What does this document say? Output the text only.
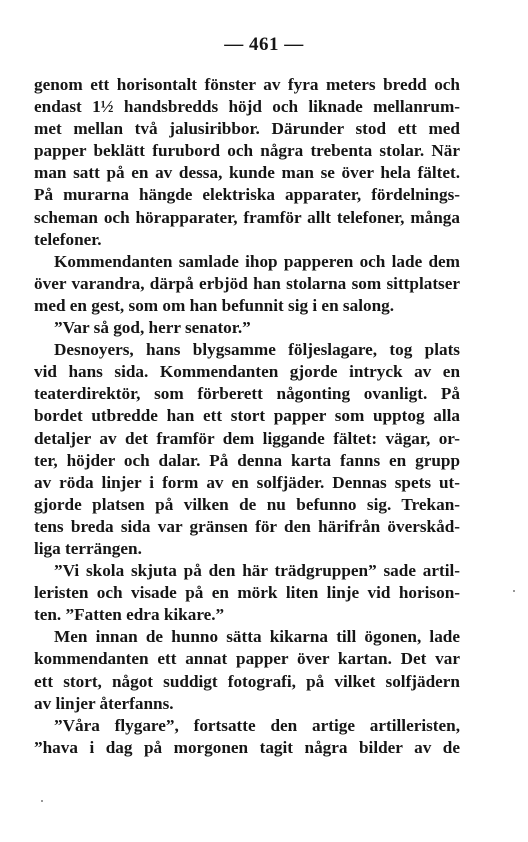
— 461 —
genom ett horisontalt fönster av fyra meters bredd och
endast 1½ handsbredds höjd och liknade mellanrum-
met mellan två jalusiribbor. Därunder stod ett med
papper beklätt furubord och några trebenta stolar. När
man satt på en av dessa, kunde man se över hela fältet.
På murarna hängde elektriska apparater, fördelnings-
scheman och hörapparater, framför allt telefoner, många
telefoner.
Kommendanten samlade ihop papperen och lade dem
över varandra, därpå erbjöd han stolarna som sittplatser
med en gest, som om han befunnit sig i en salong.
”Var så god, herr senator.”
Desnoyers, hans blygsamme följeslagare, tog plats
vid hans sida. Kommendanten gjorde intryck av en
teaterdirektör, som förberett någonting ovanligt. På
bordet utbredde han ett stort papper som upptog alla
detaljer av det framför dem liggande fältet: vägar, or-
ter, höjder och dalar. På denna karta fanns en grupp
av röda linjer i form av en solfjäder. Dennas spets ut-
gjorde platsen på vilken de nu befunno sig. Trekan-
tens breda sida var gränsen för den härifrån överskåd-
liga terrängen.
”Vi skola skjuta på den här trädgruppen” sade artil-
leristen och visade på en mörk liten linje vid horison-
ten. ”Fatten edra kikare.”
Men innan de hunno sätta kikarna till ögonen, lade
kommendanten ett annat papper över kartan. Det var
ett stort, något suddigt fotografi, på vilket solfjädern
av linjer återfanns.
”Våra flygare”, fortsatte den artige artilleristen,
”hava i dag på morgonen tagit några bilder av de
